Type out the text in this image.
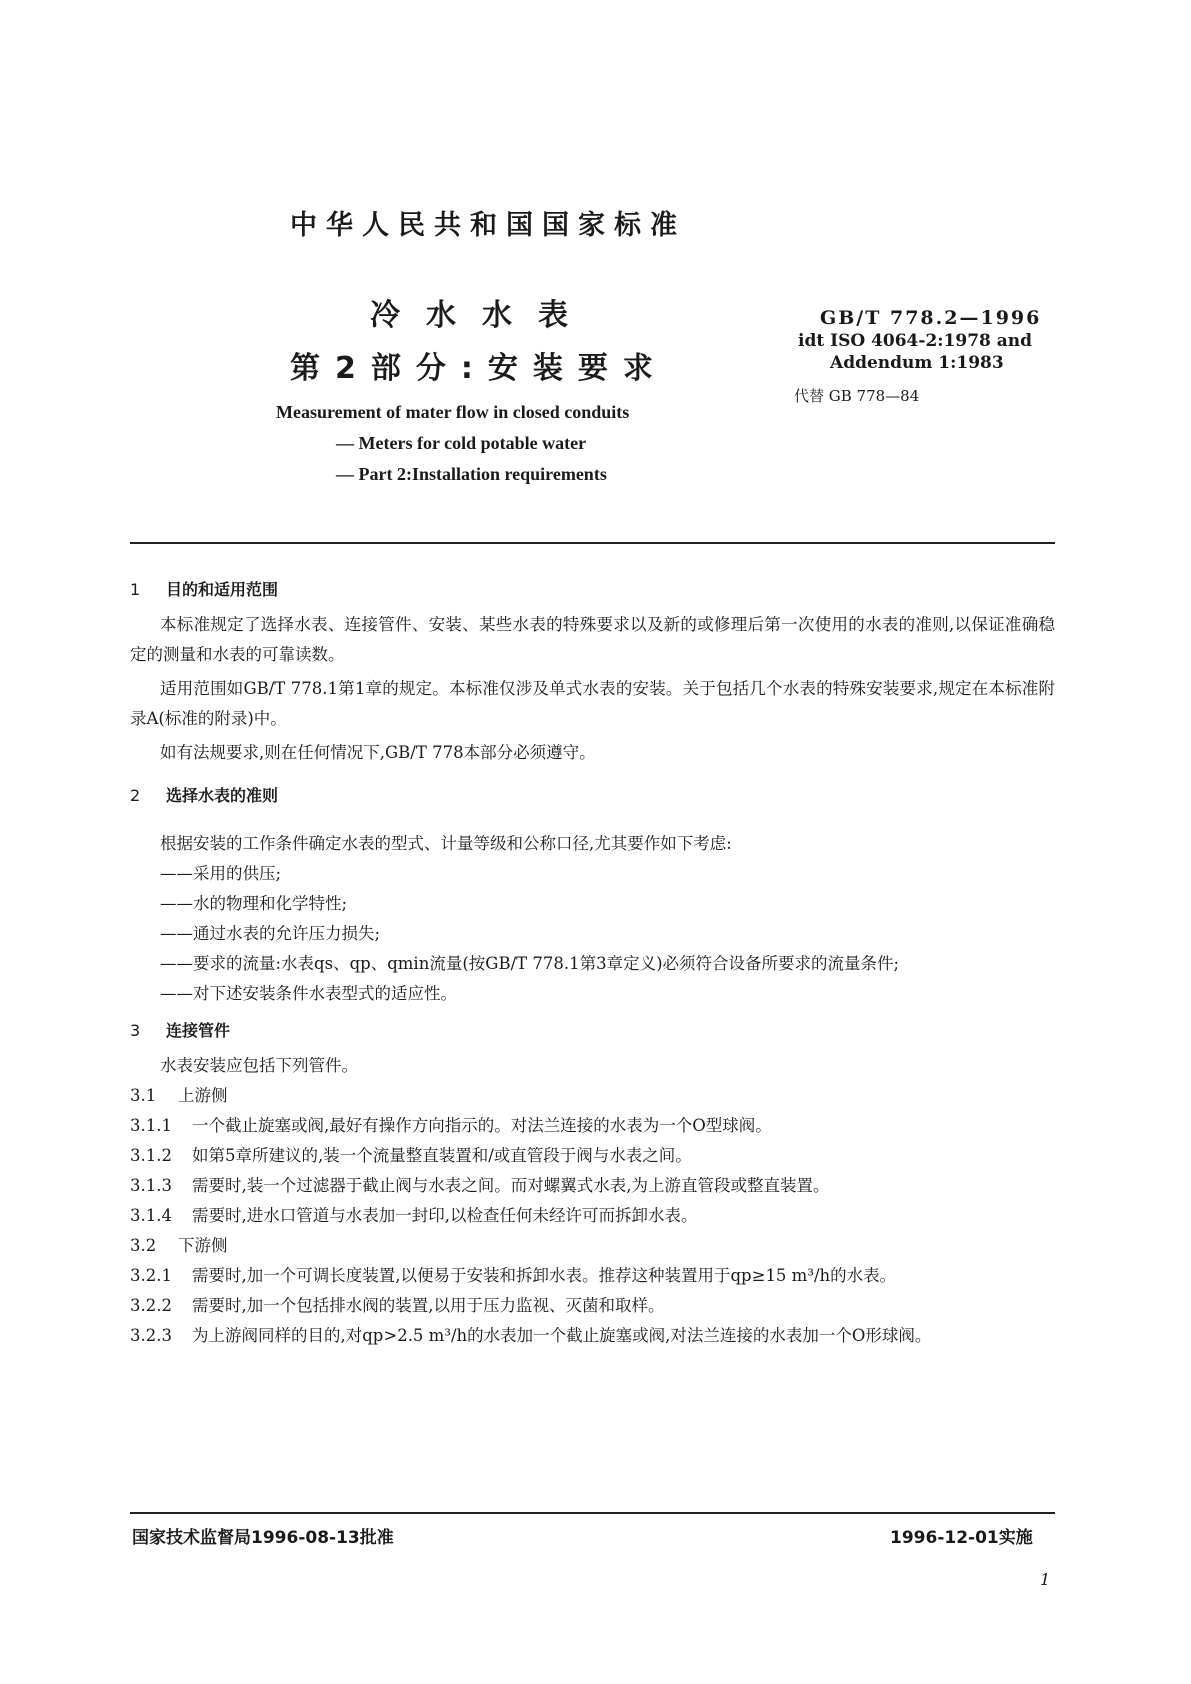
中华人民共和国国家标准
冷水水表
第2部分:安装要求
GB/T 778.2—1996
idt ISO 4064-2:1978 and
Addendum 1:1983
代替 GB 778—84
Measurement of mater flow in closed conduits
— Meters for cold potable water
— Part 2:Installation requirements
1 目的和适用范围

本标准规定了选择水表、连接管件、安装、某些水表的特殊要求以及新的或修理后第一次使用的水表的准则,以保证准确稳定的测量和水表的可靠读数。

适用范围如GB/T 778.1第1章的规定。本标准仅涉及单式水表的安装。关于包括几个水表的特殊安装要求,规定在本标准附录A(标准的附录)中。

如有法规要求,则在任何情况下,GB/T 778本部分必须遵守。

2 选择水表的准则

根据安装的工作条件确定水表的型式、计量等级和公称口径,尤其要作如下考虑:

——采用的供压;

——水的物理和化学特性;

——通过水表的允许压力损失;

——要求的流量:水表qs、qp、qmin流量(按GB/T 778.1第3章定义)必须符合设备所要求的流量条件;

——对下述安装条件水表型式的适应性。

3 连接管件

水表安装应包括下列管件。

3.1 上游侧

3.1.1 一个截止旋塞或阀,最好有操作方向指示的。对法兰连接的水表为一个O型球阀。

3.1.2 如第5章所建议的,装一个流量整直装置和/或直管段于阀与水表之间。

3.1.3 需要时,装一个过滤器于截止阀与水表之间。而对螺翼式水表,为上游直管段或整直装置。

3.1.4 需要时,进水口管道与水表加一封印,以检查任何未经许可而拆卸水表。

3.2 下游侧

3.2.1 需要时,加一个可调长度装置,以便易于安装和拆卸水表。推荐这种装置用于qp≥15 m³/h的水表。

3.2.2 需要时,加一个包括排水阀的装置,以用于压力监视、灭菌和取样。

3.2.3 为上游阀同样的目的,对qp>2.5 m³/h的水表加一个截止旋塞或阀,对法兰连接的水表加一个O形球阀。

国家技术监督局1996-08-13批准	1996-12-01实施
1
